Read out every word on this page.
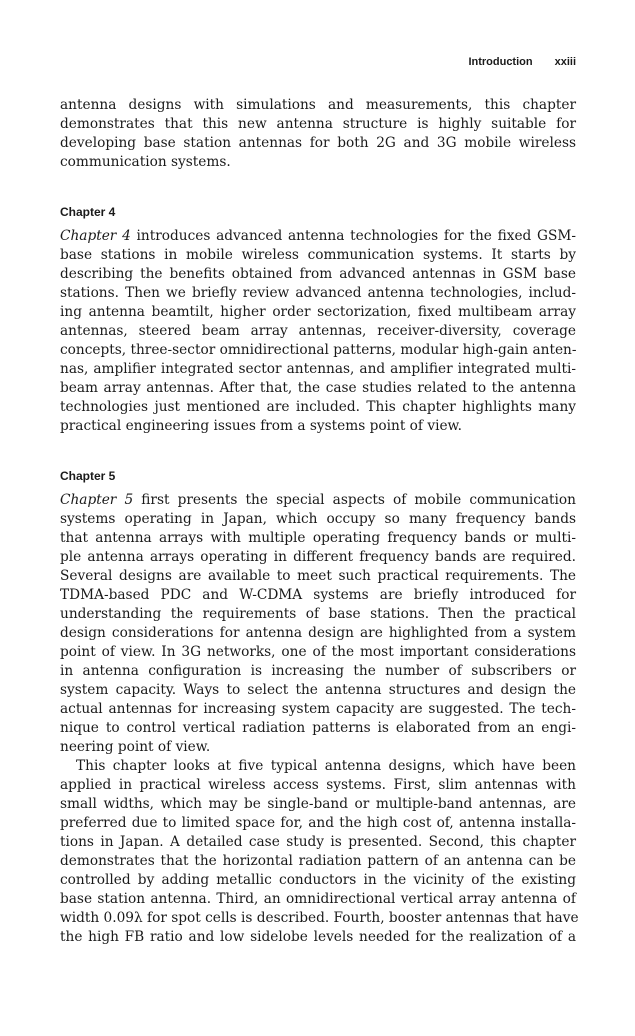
Introduction xxiii

antenna designs with simulations and measurements, this chapter
demonstrates that this new antenna structure is highly suitable for
developing base station antennas for both 2G and 3G mobile wireless
communication systems.

Chapter 4

Chapter 4 introduces advanced antenna technologies for the fixed GSM-
base stations in mobile wireless communication systems. It starts by
describing the benefits obtained from advanced antennas in GSM base
stations. Then we briefly review advanced antenna technologies, includ-
ing antenna beamtilt, higher order sectorization, fixed multibeam array
antennas, steered beam array antennas, receiver-diversity, coverage
concepts, three-sector omnidirectional patterns, modular high-gain anten-
nas, amplifier integrated sector antennas, and amplifier integrated multi-
beam array antennas. After that, the case studies related to the antenna
technologies just mentioned are included. This chapter highlights many
practical engineering issues from a systems point of view.

Chapter 5

Chapter 5 first presents the special aspects of mobile communication
systems operating in Japan, which occupy so many frequency bands
that antenna arrays with multiple operating frequency bands or multi-
ple antenna arrays operating in different frequency bands are required.
Several designs are available to meet such practical requirements. The
TDMA-based PDC and W-CDMA systems are briefly introduced for
understanding the requirements of base stations. Then the practical
design considerations for antenna design are highlighted from a system
point of view. In 3G networks, one of the most important considerations
in antenna configuration is increasing the number of subscribers or
system capacity. Ways to select the antenna structures and design the
actual antennas for increasing system capacity are suggested. The tech-
nique to control vertical radiation patterns is elaborated from an engi-
neering point of view.

This chapter looks at five typical antenna designs, which have been
applied in practical wireless access systems. First, slim antennas with
small widths, which may be single-band or multiple-band antennas, are
preferred due to limited space for, and the high cost of, antenna installa-
tions in Japan. A detailed case study is presented. Second, this chapter
demonstrates that the horizontal radiation pattern of an antenna can be
controlled by adding metallic conductors in the vicinity of the existing
base station antenna. Third, an omnidirectional vertical array antenna of
width 0.09λ for spot cells is described. Fourth, booster antennas that have
the high FB ratio and low sidelobe levels needed for the realization of a
